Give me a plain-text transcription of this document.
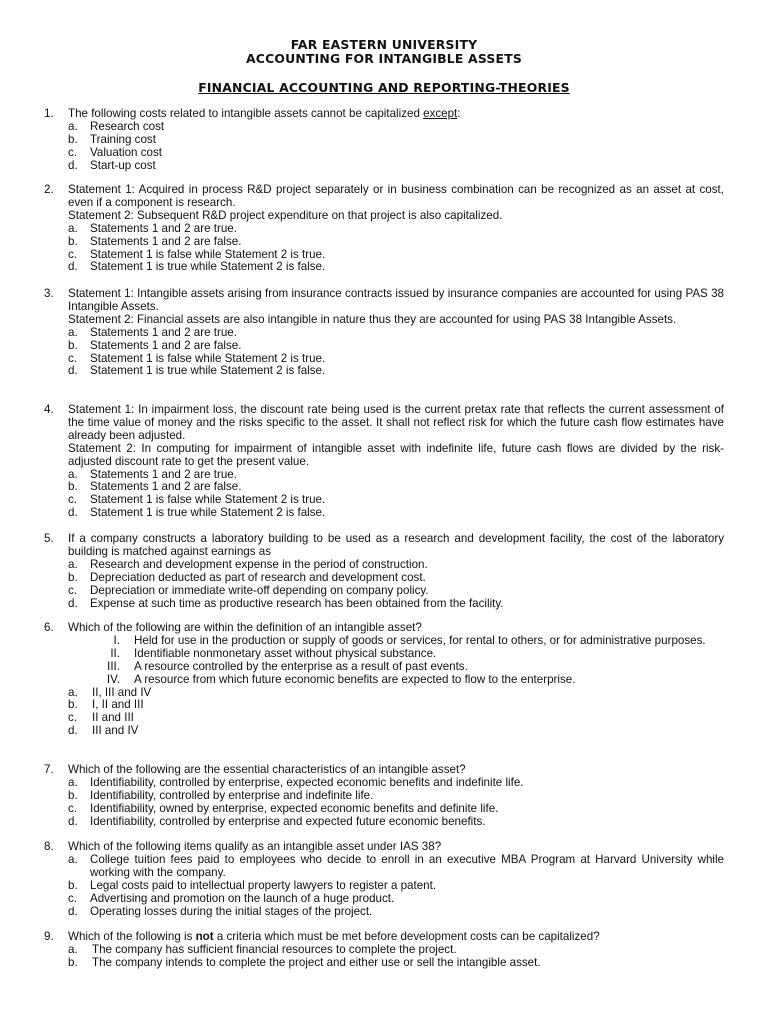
FAR EASTERN UNIVERSITY
ACCOUNTING FOR INTANGIBLE ASSETS
FINANCIAL ACCOUNTING AND REPORTING-THEORIES
1.	The following costs related to intangible assets cannot be capitalized except:
a.	Research cost
b.	Training cost
c.	Valuation cost
d.	Start-up cost
2.	Statement 1: Acquired in process R&D project separately or in business combination can be recognized as an asset at cost, even if a component is research.
Statement 2: Subsequent R&D project expenditure on that project is also capitalized.
a.	Statements 1 and 2 are true.
b.	Statements 1 and 2 are false.
c.	Statement 1 is false while Statement 2 is true.
d.	Statement 1 is true while Statement 2 is false.
3.	Statement 1: Intangible assets arising from insurance contracts issued by insurance companies are accounted for using PAS 38 Intangible Assets.
Statement 2: Financial assets are also intangible in nature thus they are accounted for using PAS 38 Intangible Assets.
a.	Statements 1 and 2 are true.
b.	Statements 1 and 2 are false.
c.	Statement 1 is false while Statement 2 is true.
d.	Statement 1 is true while Statement 2 is false.
4.	Statement 1: In impairment loss, the discount rate being used is the current pretax rate that reflects the current assessment of the time value of money and the risks specific to the asset. It shall not reflect risk for which the future cash flow estimates have already been adjusted.
Statement 2: In computing for impairment of intangible asset with indefinite life, future cash flows are divided by the risk-adjusted discount rate to get the present value.
a.	Statements 1 and 2 are true.
b.	Statements 1 and 2 are false.
c.	Statement 1 is false while Statement 2 is true.
d.	Statement 1 is true while Statement 2 is false.
5.	If a company constructs a laboratory building to be used as a research and development facility, the cost of the laboratory building is matched against earnings as
a.	Research and development expense in the period of construction.
b.	Depreciation deducted as part of research and development cost.
c.	Depreciation or immediate write-off depending on company policy.
d.	Expense at such time as productive research has been obtained from the facility.
6.	Which of the following are within the definition of an intangible asset?
I.	Held for use in the production or supply of goods or services, for rental to others, or for administrative purposes.
II.	Identifiable nonmonetary asset without physical substance.
III.	A resource controlled by the enterprise as a result of past events.
IV.	A resource from which future economic benefits are expected to flow to the enterprise.
a.	II, III and IV
b.	I, II and III
c.	II and III
d.	III and IV
7.	Which of the following are the essential characteristics of an intangible asset?
a.	Identifiability, controlled by enterprise, expected economic benefits and indefinite life.
b.	Identifiability, controlled by enterprise and indefinite life.
c.	Identifiability, owned by enterprise, expected economic benefits and definite life.
d.	Identifiability, controlled by enterprise and expected future economic benefits.
8.	Which of the following items qualify as an intangible asset under IAS 38?
a.	College tuition fees paid to employees who decide to enroll in an executive MBA Program at Harvard University while working with the company.
b.	Legal costs paid to intellectual property lawyers to register a patent.
c.	Advertising and promotion on the launch of a huge product.
d.	Operating losses during the initial stages of the project.
9.	Which of the following is not a criteria which must be met before development costs can be capitalized?
a.	The company has sufficient financial resources to complete the project.
b.	The company intends to complete the project and either use or sell the intangible asset.
